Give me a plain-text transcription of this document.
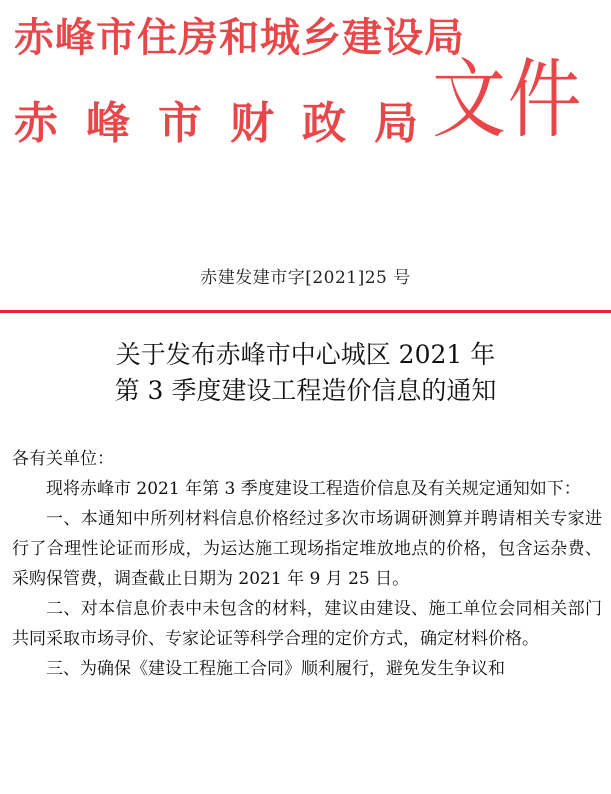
赤峰市住房和城乡建设局
赤峰市财政局
文件
赤建发建市字[2021]25 号
关于发布赤峰市中心城区 2021 年
第 3 季度建设工程造价信息的通知

各有关单位：

现将赤峰市 2021 年第 3 季度建设工程造价信息及有关规定通知如下：

一、本通知中所列材料信息价格经过多次市场调研测算并聘请相关专家进行了合理性论证而形成，为运达施工现场指定堆放地点的价格，包含运杂费、采购保管费，调查截止日期为 2021 年 9 月 25 日。

二、对本信息价表中未包含的材料，建议由建设、施工单位会同相关部门共同采取市场寻价、专家论证等科学合理的定价方式，确定材料价格。

三、为确保《建设工程施工合同》顺利履行，避免发生争议和
